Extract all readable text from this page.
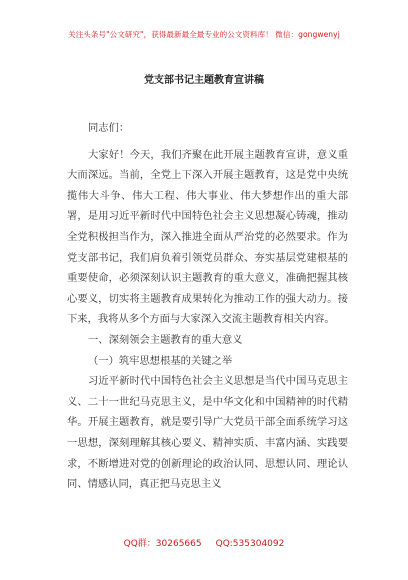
关注头条号"公文研究"，获得最新最全最专业的公文资料库！ 微信：gongwenyj
党支部书记主题教育宣讲稿

同志们：

大家好！今天，我们齐聚在此开展主题教育宣讲，意义重大而深远。当前，全党上下深入开展主题教育，这是党中央统揽伟大斗争、伟大工程、伟大事业、伟大梦想作出的重大部署，是用习近平新时代中国特色社会主义思想凝心铸魂，推动全党积极担当作为，深入推进全面从严治党的必然要求。作为党支部书记，我们肩负着引领党员群众、夯实基层党建根基的重要使命，必须深刻认识主题教育的重大意义，准确把握其核心要义，切实将主题教育成果转化为推动工作的强大动力。接下来，我将从多个方面与大家深入交流主题教育相关内容。

一、深刻领会主题教育的重大意义

（一）筑牢思想根基的关键之举

习近平新时代中国特色社会主义思想是当代中国马克思主义、二十一世纪马克思主义，是中华文化和中国精神的时代精华。开展主题教育，就是要引导广大党员干部全面系统学习这一思想，深刻理解其核心要义、精神实质、丰富内涵、实践要求，不断增进对党的创新理论的政治认同、思想认同、理论认同、情感认同，真正把马克思主义

QQ群：30265665 QQ:535304092
